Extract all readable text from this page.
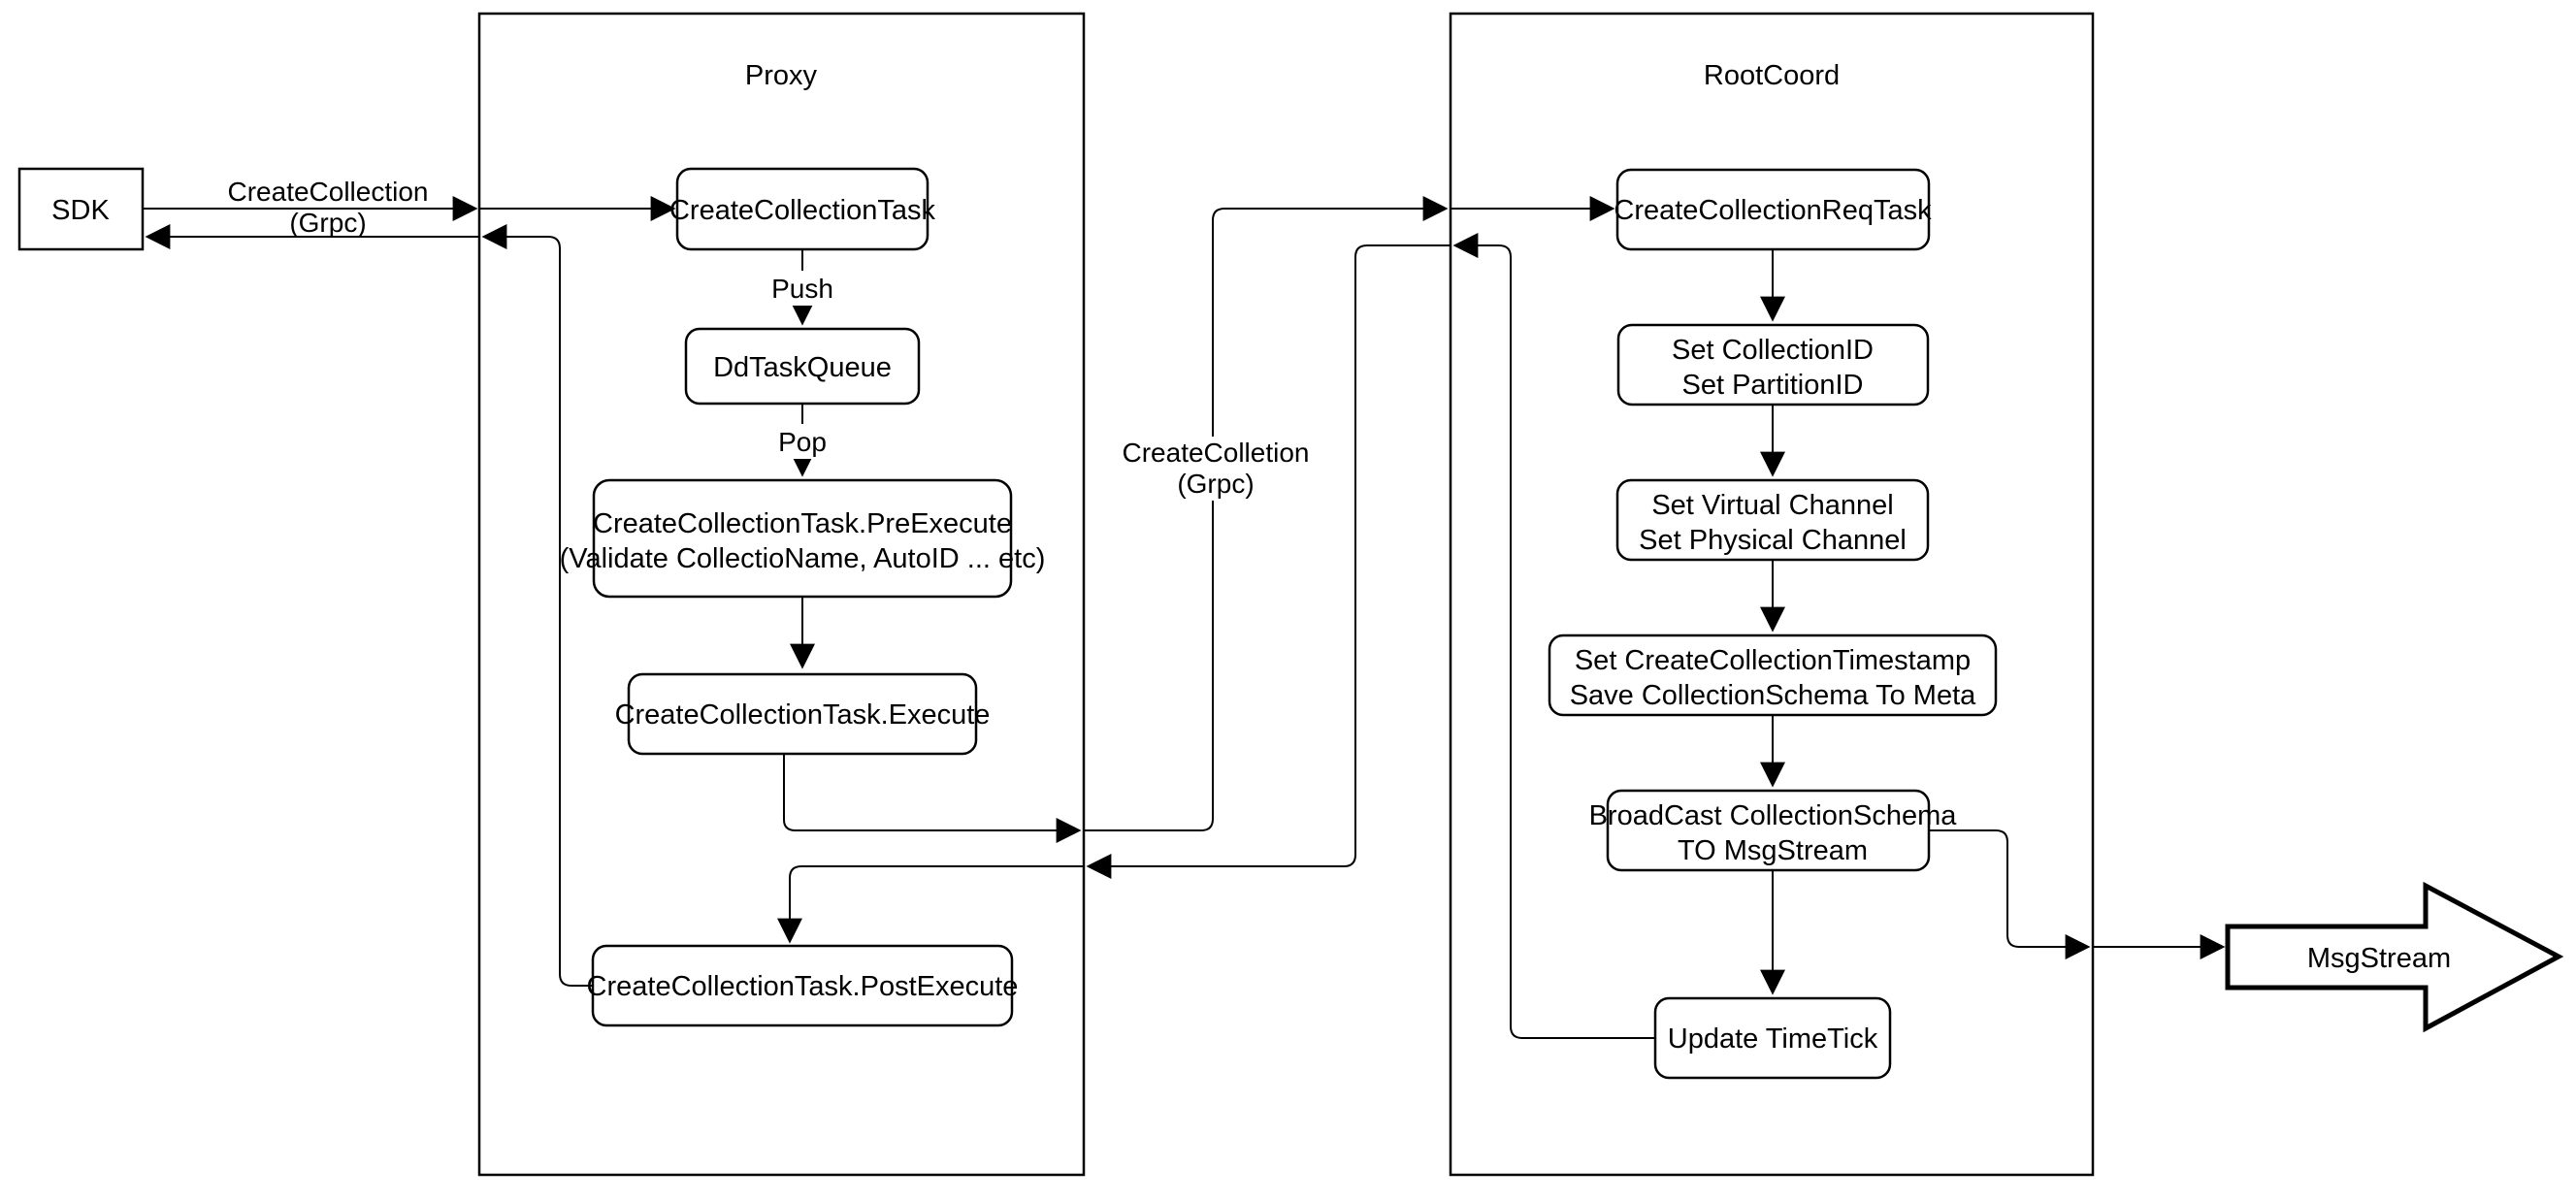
Proxy	RootCoord
SDK	CreateCollectionTask
DdTaskQueue
CreateCollectionTask.PreExecute
(Validate CollectioName, AutoID ... etc)
CreateCollectionTask.Execute
CreateCollectionTask.PostExecute
CreateCollectionReqTask
Set CollectionID
Set PartitionID
Set Virtual Channel
Set Physical Channel
Set CreateCollectionTimestamp
Save CollectionSchema To Meta
BroadCast CollectionSchema
TO MsgStream
Update TimeTick
MsgStream
CreateCollection
(Grpc)
Push
Pop	CreateColletion
(Grpc)
